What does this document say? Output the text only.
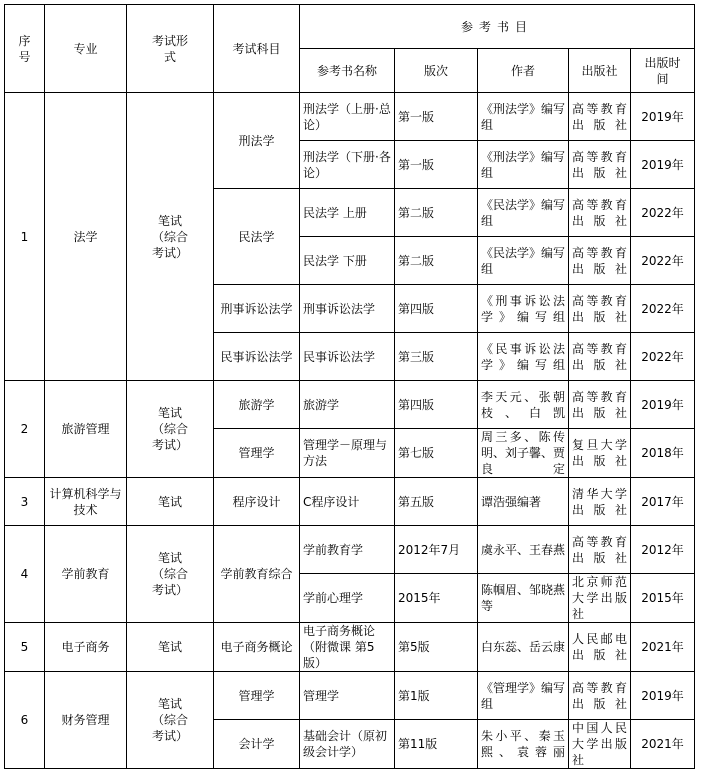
序号	专业	考试形式	考试科目	参考书目				
				参考书名称	版次	作者	出版社	出版时间
1	法学	笔试（综合考试）	刑法学	刑法学（上册·总论）	第一版	《刑法学》编写组	高等教育出版社	2019年
				刑法学（下册·各论）	第一版	《刑法学》编写组	高等教育出版社	2019年
			民法学	民法学 上册	第二版	《民法学》编写组	高等教育出版社	2022年
				民法学 下册	第二版	《民法学》编写组	高等教育出版社	2022年
			刑事诉讼法学	刑事诉讼法学	第四版	《刑事诉讼法学》编写组	高等教育出版社	2022年
			民事诉讼法学	民事诉讼法学	第三版	《民事诉讼法学》编写组	高等教育出版社	2022年
2	旅游管理	笔试（综合考试）	旅游学	旅游学	第四版	李天元、张朝枝、白凯	高等教育出版社	2019年
			管理学	管理学－原理与方法	第七版	周三多、陈传明、刘子馨、贾良定	复旦大学出版社	2018年
3	计算机科学与技术	笔试	程序设计	C程序设计	第五版	谭浩强编著	清华大学出版社	2017年
4	学前教育	笔试（综合考试）	学前教育综合	学前教育学	2012年7月	虞永平、王春燕	高等教育出版社	2012年
				学前心理学	2015年	陈帼眉、邹晓燕等	北京师范大学出版社	2015年
5	电子商务	笔试	电子商务概论	电子商务概论（附微课 第5版）	第5版	白东蕊、岳云康	人民邮电出版社	2021年
6	财务管理	笔试（综合考试）	管理学	管理学	第1版	《管理学》编写组	高等教育出版社	2019年
			会计学	基础会计（原初级会计学）	第11版	朱小平、秦玉熙、袁蓉丽	中国人民大学出版社	2021年
